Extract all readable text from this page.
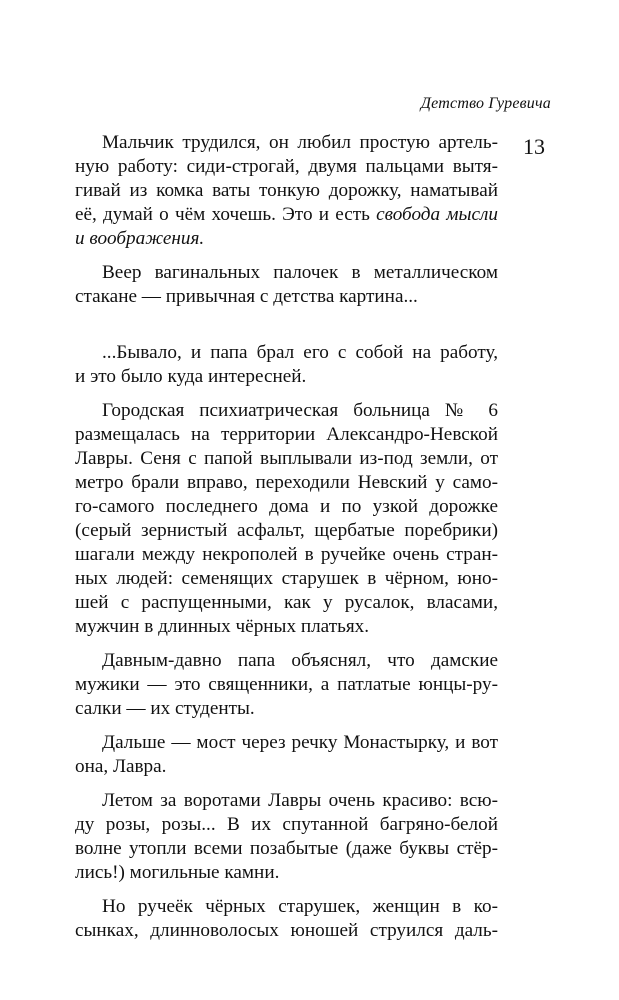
Детство Гуревича
13
Мальчик трудился, он любил простую артель-
ную работу: сиди-строгай, двумя пальцами вытя-
гивай из комка ваты тонкую дорожку, наматывай
её, думай о чём хочешь. Это и есть свобода мысли
и воображения.
Веер вагинальных палочек в металлическом
стакане — привычная с детства картина...
...Бывало, и папа брал его с собой на работу,
и это было куда интересней.
Городская психиатрическая больница № 6
размещалась на территории Александро-Невской
Лавры. Сеня с папой выплывали из-под земли, от
метро брали вправо, переходили Невский у само-
го-самого последнего дома и по узкой дорожке
(серый зернистый асфальт, щербатые поребрики)
шагали между некрополей в ручейке очень стран-
ных людей: семенящих старушек в чёрном, юно-
шей с распущенными, как у русалок, власами,
мужчин в длинных чёрных платьях.
Давным-давно папа объяснял, что дамские
мужики — это священники, а патлатые юнцы-ру-
салки — их студенты.
Дальше — мост через речку Монастырку, и вот
она, Лавра.
Летом за воротами Лавры очень красиво: всю-
ду розы, розы... В их спутанной багряно-белой
волне утопли всеми позабытые (даже буквы стёр-
лись!) могильные камни.
Но ручеёк чёрных старушек, женщин в ко-
сынках, длинноволосых юношей струился даль-
